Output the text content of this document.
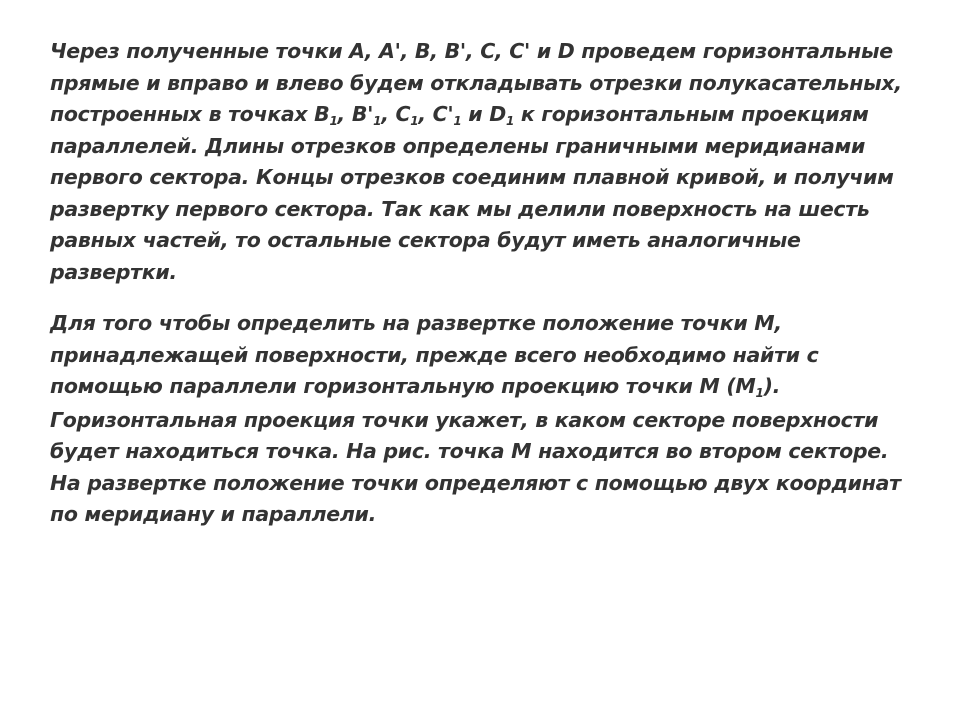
Через полученные точки А, А', В, В', С, С' и D проведем горизонтальные прямые и вправо и влево будем откладывать отрезки полукасательных, построенных в точках $В_1$, $В'_1$, $С_1$, $С'_1$ и $D_1$ к горизонтальным проекциям параллелей. Длины отрезков определены граничными меридианами первого сектора. Концы отрезков соединим плавной кривой, и получим развертку первого сектора. Так как мы делили поверхность на шесть равных частей, то остальные сектора будут иметь аналогичные развертки.

Для того чтобы определить на развертке положение точки М, принадлежащей поверхности, прежде всего необходимо найти с помощью параллели горизонтальную проекцию точки М $(М_1)$.

Горизонтальная проекция точки укажет, в каком секторе поверхности будет находиться точка. На рис. точка М находится во втором секторе. На развертке положение точки определяют с помощью двух координат по меридиану и параллели.
